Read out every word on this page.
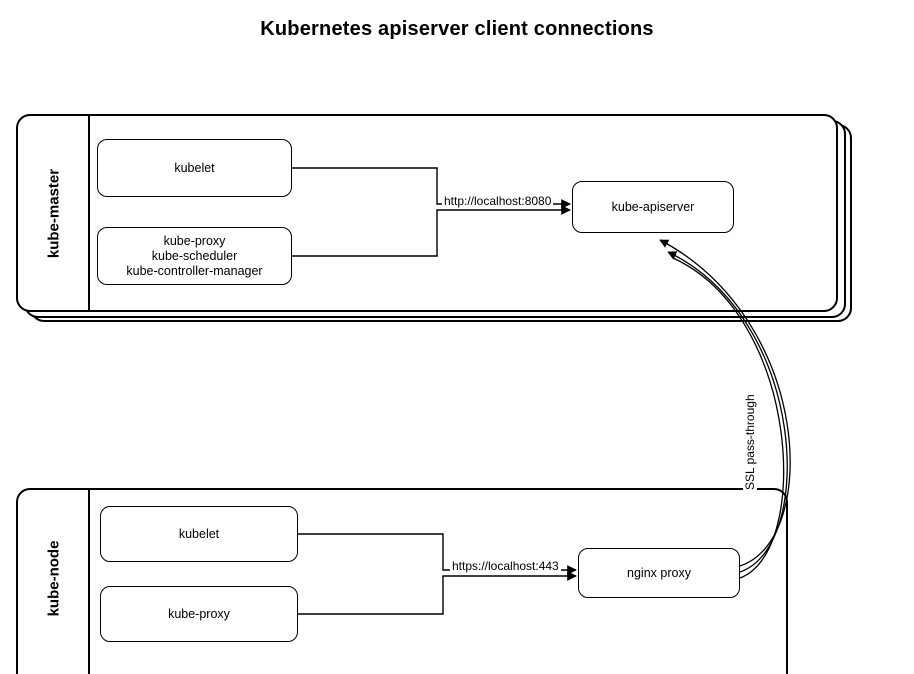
Kubernetes apiserver client connections
kube-master
kubelet
kube-proxy
kube-scheduler
kube-controller-manager
kube-apiserver
kube-node
kubelet
kube-proxy
nginx proxy
http://localhost:8080
https://localhost:443
SSL pass-through
